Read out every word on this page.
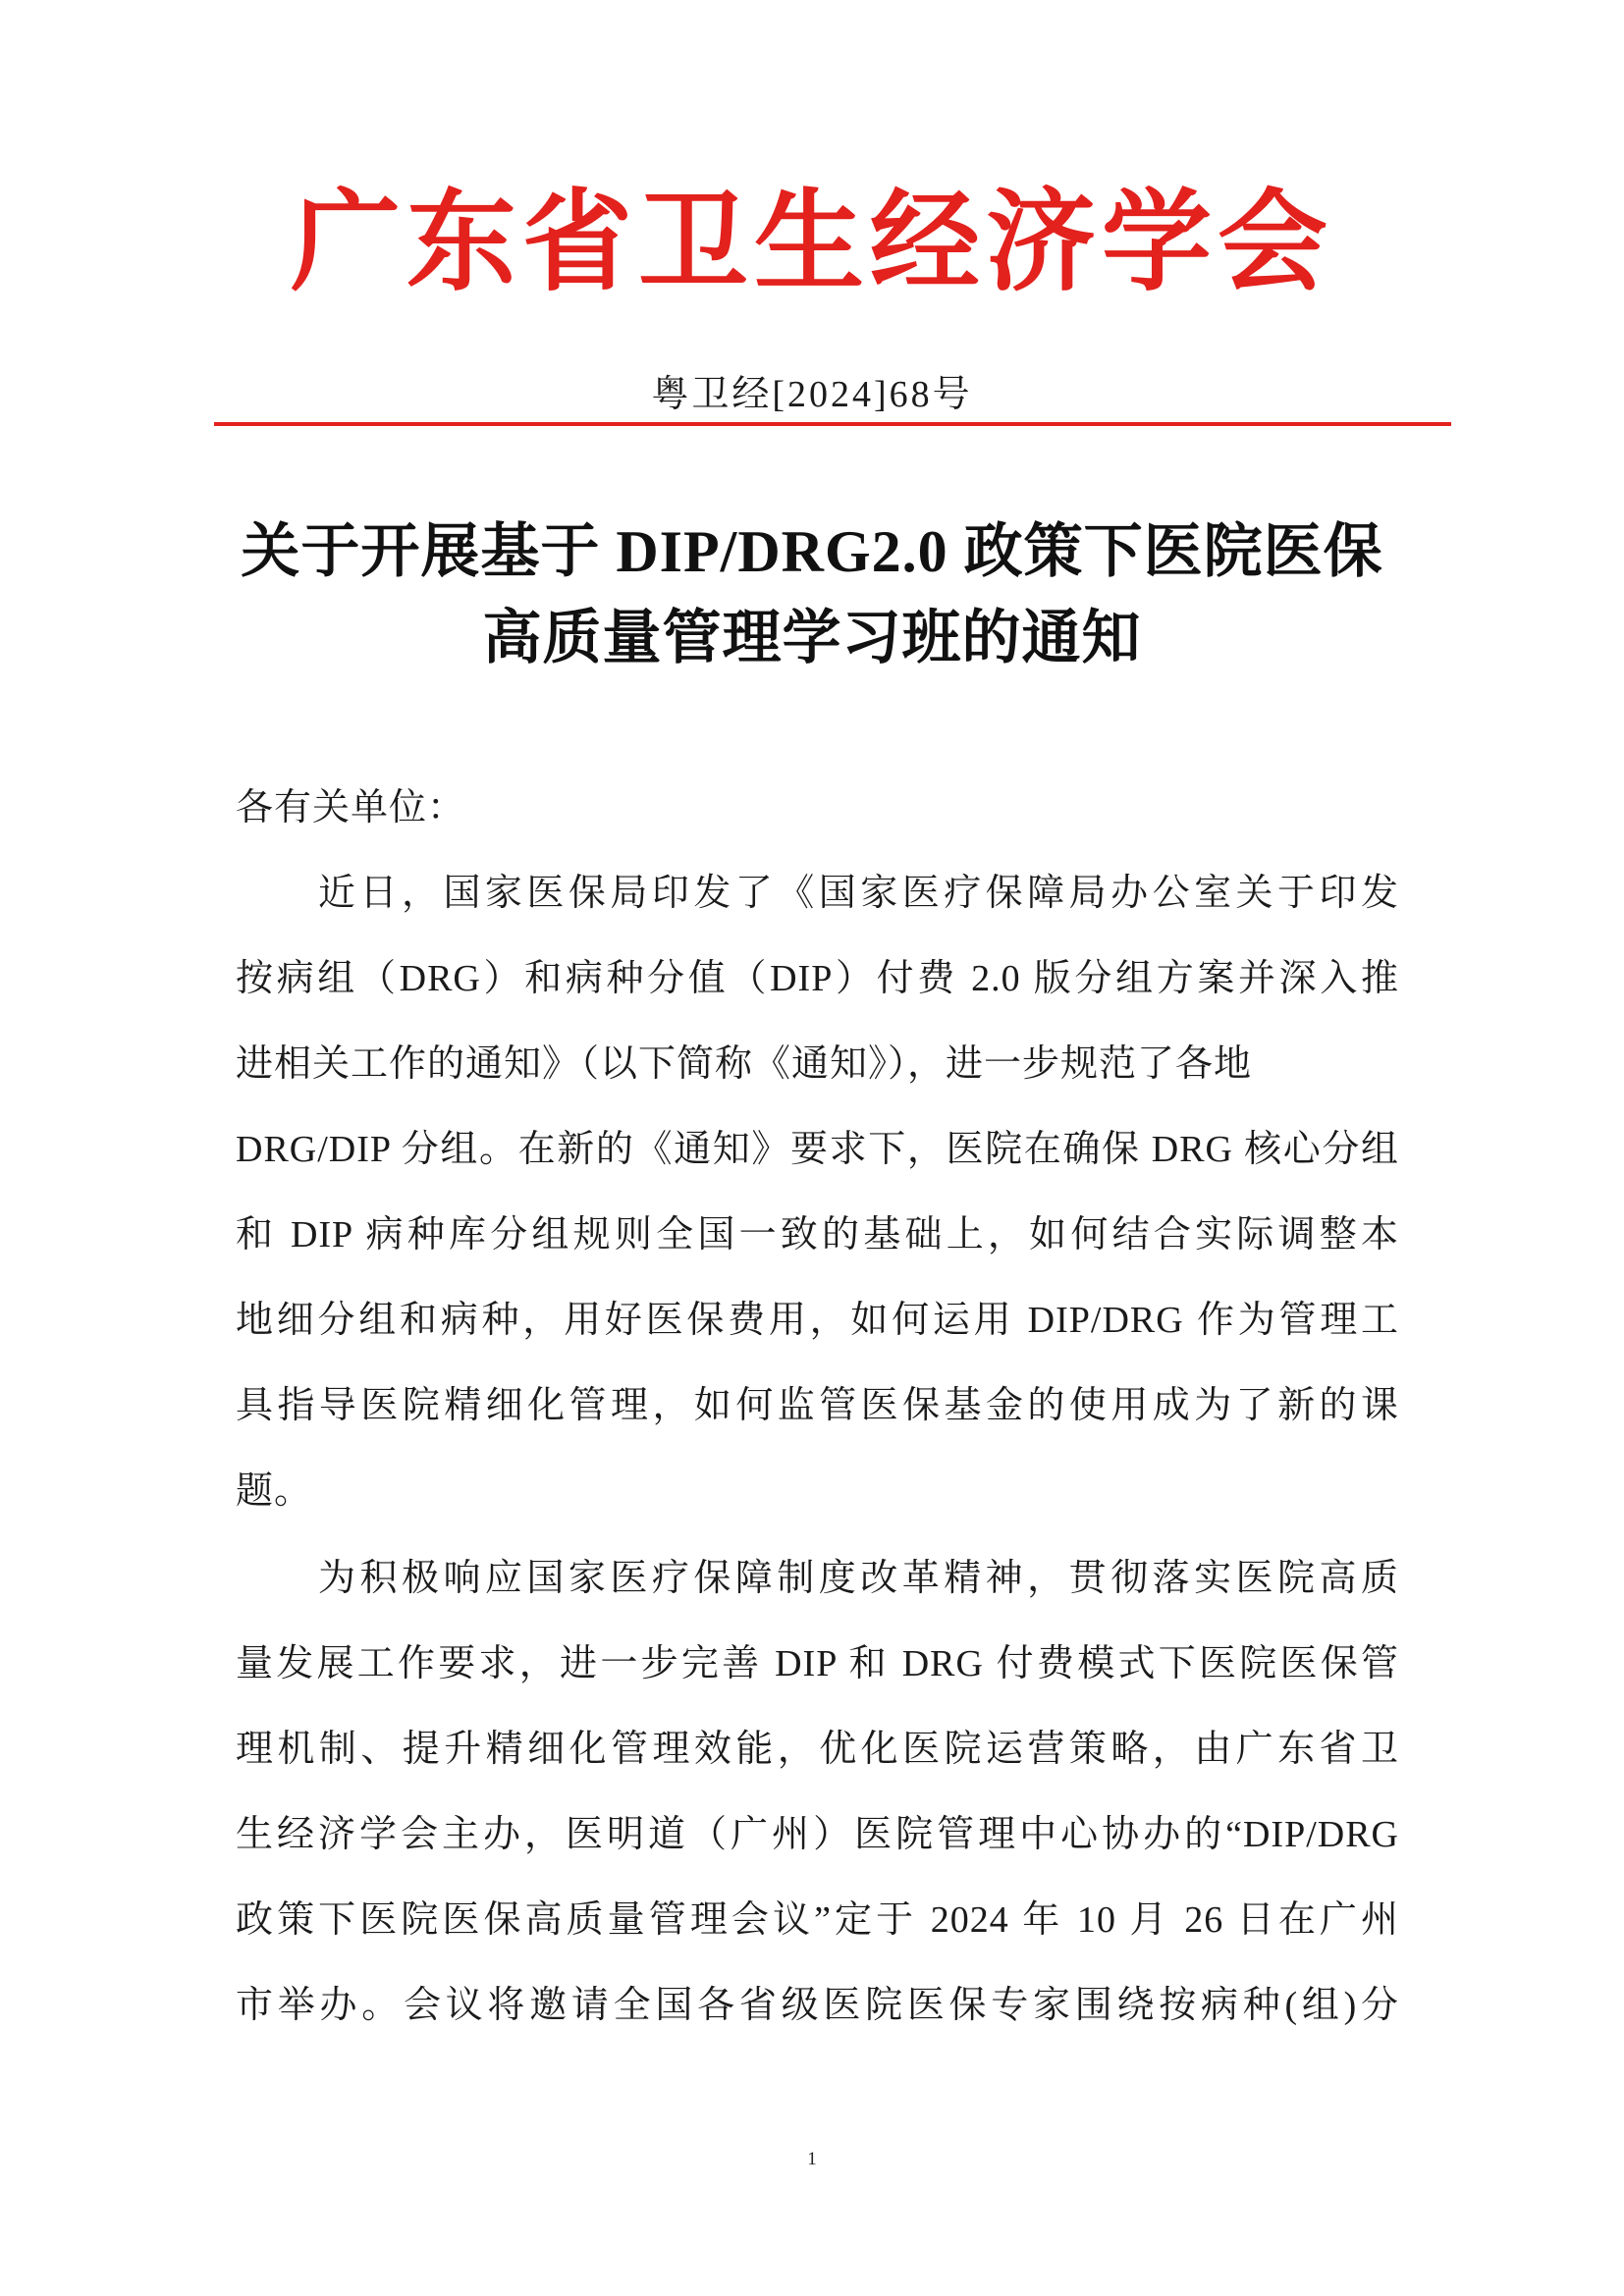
广东省卫生经济学会
粤卫经[2024]68号
关于开展基于 DIP/DRG2.0 政策下医院医保
高质量管理学习班的通知
各有关单位：
近日，国家医保局印发了《国家医疗保障局办公室关于印发
按病组（DRG）和病种分值（DIP）付费 2.0 版分组方案并深入推
进相关工作的通知》（以下简称《通知》），进一步规范了各地
DRG/DIP 分组。在新的《通知》要求下，医院在确保 DRG 核心分组
和 DIP 病种库分组规则全国一致的基础上，如何结合实际调整本
地细分组和病种，用好医保费用，如何运用 DIP/DRG 作为管理工
具指导医院精细化管理，如何监管医保基金的使用成为了新的课
题。
为积极响应国家医疗保障制度改革精神，贯彻落实医院高质
量发展工作要求，进一步完善 DIP 和 DRG 付费模式下医院医保管
理机制、提升精细化管理效能，优化医院运营策略，由广东省卫
生经济学会主办，医明道（广州）医院管理中心协办的“DIP/DRG
政策下医院医保高质量管理会议”定于 2024 年 10 月 26 日在广州
市举办。会议将邀请全国各省级医院医保专家围绕按病种(组)分
1
